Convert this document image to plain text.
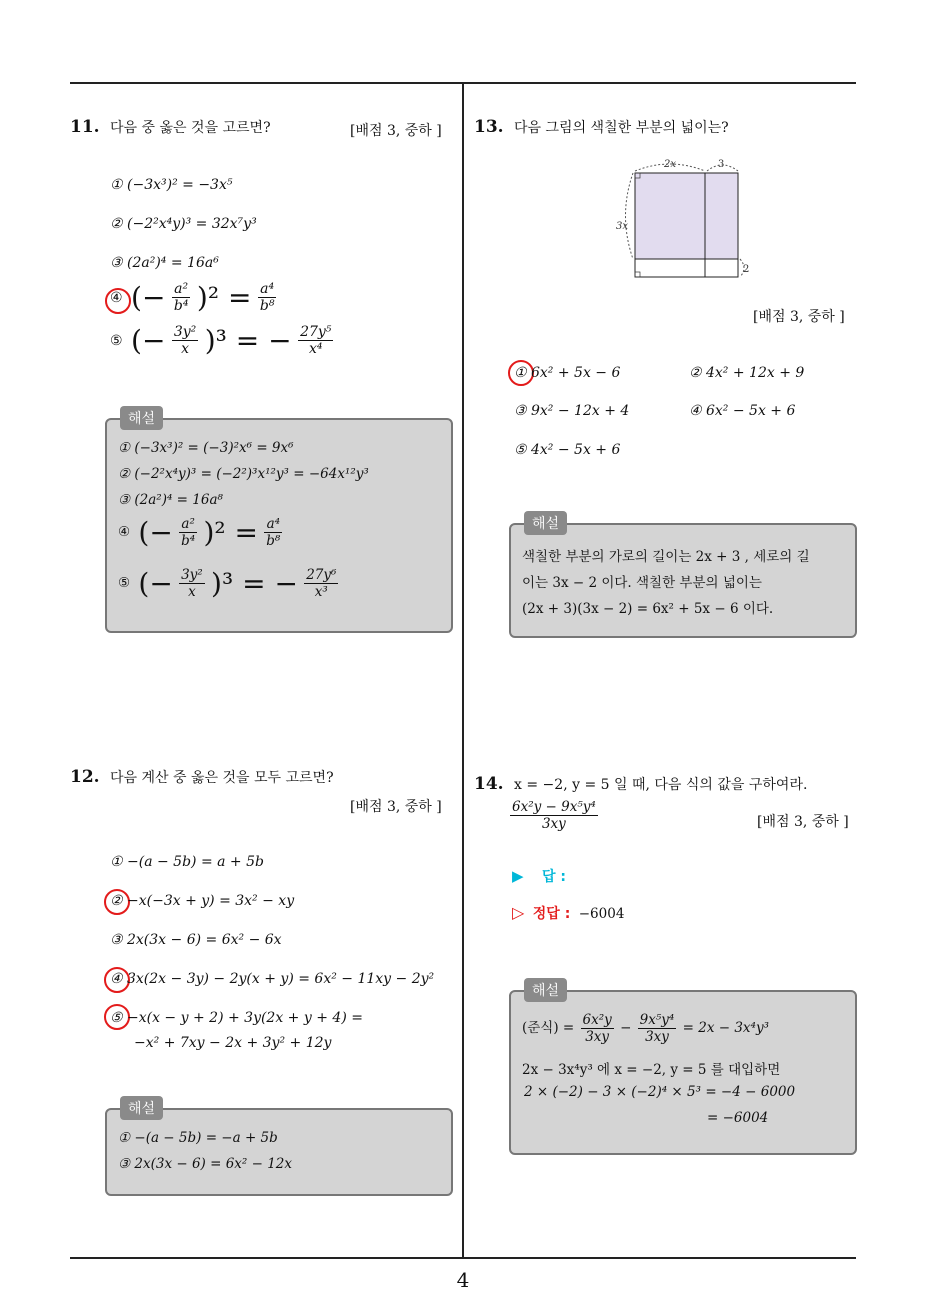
11. 다음 중 옳은 것을 고르면?	[배점 3, 중하 ]
① (−3x³)² = −3x⁵
② (−2²x⁴y)³ = 32x⁷y³
③ (2a²)⁴ = 16a⁶
④ (− $\frac{\text{a²}}{\text{b⁴}} )^2 = \frac{\text{a⁴}}{\text{b⁸}}$
⑤ (− $\frac{\text{3y²}}{x} )^3$ = − $\frac{\text{27y⁵}}{\text{x⁴}}$
해설
① (−3x³)² = (−3)²x⁶ = 9x⁶
② (−2²x⁴y)³ = (−2²)³x¹²y³ = −64x¹²y³
③ (2a²)⁴ = 16a⁸
④ (− $\frac{\text{a²}}{\text{b⁴}} )^2 = \frac{\text{a⁴}}{\text{b⁸}}$
⑤ (− $\frac{\text{3y²}}{x} )^3$ = − $\frac{\text{27y⁶}}{\text{x³}}$
12. 다음 계산 중 옳은 것을 모두 고르면?
[배점 3, 중하 ]
① −(a − 5b) = a + 5b
② −x(−3x + y) = 3x² − xy
③ 2x(3x − 6) = 6x² − 6x
④ 3x(2x − 3y) − 2y(x + y) = 6x² − 11xy − 2y²
⑤ −x(x − y + 2) + 3y(2x + y + 4) =
−x² + 7xy − 2x + 3y² + 12y
해설
① −(a − 5b) = −a + 5b
③ 2x(3x − 6) = 6x² − 12x
13. 다음 그림의 색칠한 부분의 넓이는?
2x	3
3x
2
[배점 3, 중하 ]
① 6x² + 5x − 6	② 4x² + 12x + 9
③ 9x² − 12x + 4	④ 6x² − 5x + 6
⑤ 4x² − 5x + 6
해설
색칠한 부분의 가로의 길이는 2x + 3 , 세로의 길
이는 3x − 2 이다. 색칠한 부분의 넓이는
(2x + 3)(3x − 2) = 6x² + 5x − 6 이다.
14. x = −2, y = 5 일 때, 다음 식의 값을 구하여라.
$\frac{\text{6x²y − 9x⁵y⁴}}{3xy}$	[배점 3, 중하 ]
▶ 답 :
▷ 정답 : −6004
해설
(준식) = $\frac{\text{6x²y}}{3xy} - \frac{\text{9x⁵y⁴}}{3xy} = 2x - 3x^4y^3$
2x − 3x⁴y³ 에 x = −2, y = 5 를 대입하면
2 × (−2) − 3 × (−2)⁴ × 5³ = −4 − 6000
= −6004
4
